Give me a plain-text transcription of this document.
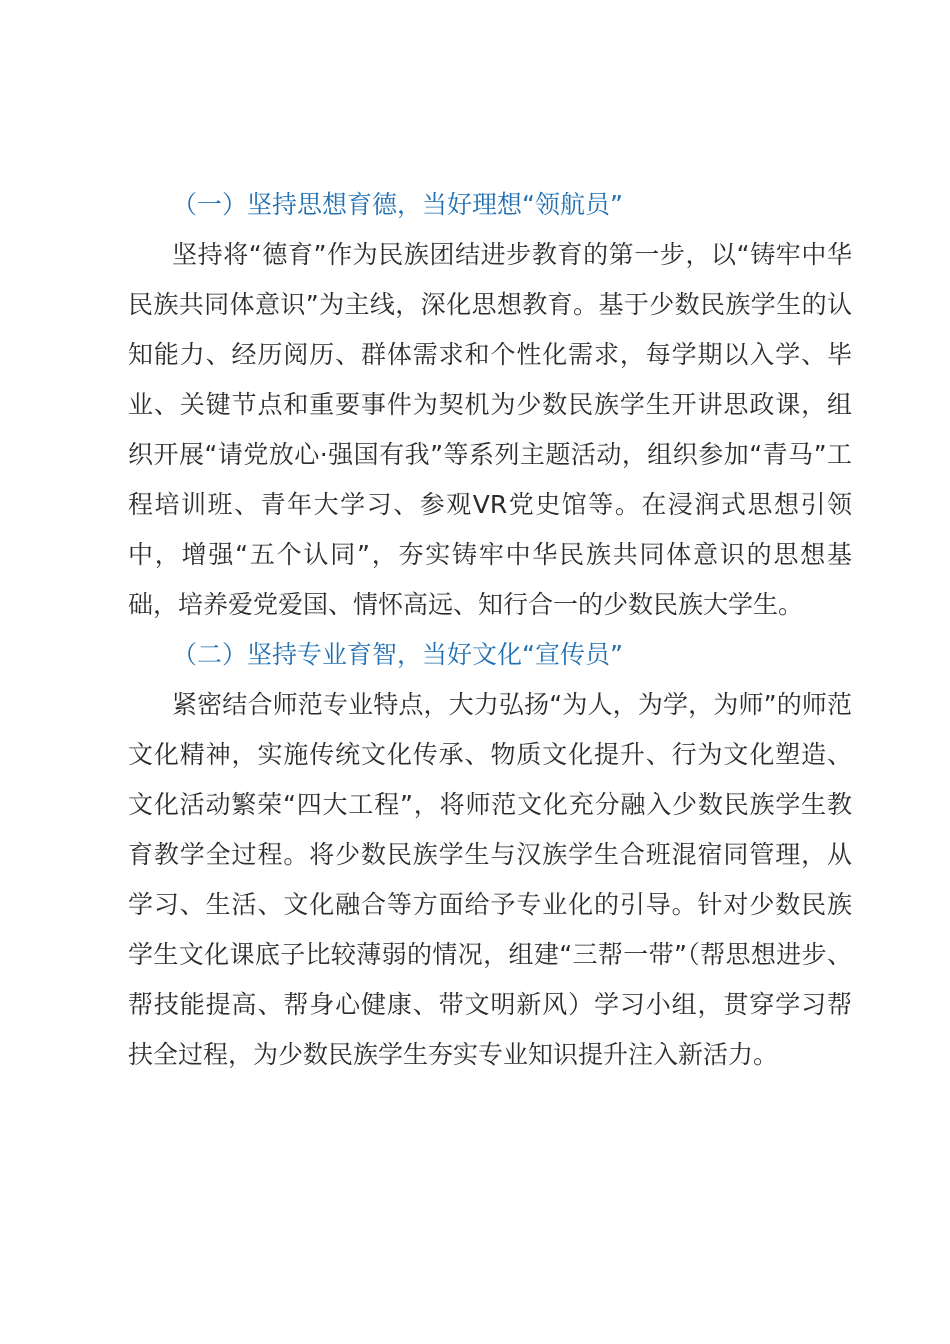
（一）坚持思想育德，当好理想“领航员”

坚持将“德育”作为民族团结进步教育的第一步，以“铸牢中华民族共同体意识”为主线，深化思想教育。基于少数民族学生的认知能力、经历阅历、群体需求和个性化需求，每学期以入学、毕业、关键节点和重要事件为契机为少数民族学生开讲思政课，组织开展“请党放心·强国有我”等系列主题活动，组织参加“青马”工程培训班、青年大学习、参观VR党史馆等。在浸润式思想引领中，增强“五个认同”，夯实铸牢中华民族共同体意识的思想基础，培养爱党爱国、情怀高远、知行合一的少数民族大学生。

（二）坚持专业育智，当好文化“宣传员”

紧密结合师范专业特点，大力弘扬“为人，为学，为师”的师范文化精神，实施传统文化传承、物质文化提升、行为文化塑造、文化活动繁荣“四大工程”，将师范文化充分融入少数民族学生教育教学全过程。将少数民族学生与汉族学生合班混宿同管理，从学习、生活、文化融合等方面给予专业化的引导。针对少数民族学生文化课底子比较薄弱的情况，组建“三帮一带”（帮思想进步、帮技能提高、帮身心健康、带文明新风）学习小组，贯穿学习帮扶全过程，为少数民族学生夯实专业知识提升注入新活力。
